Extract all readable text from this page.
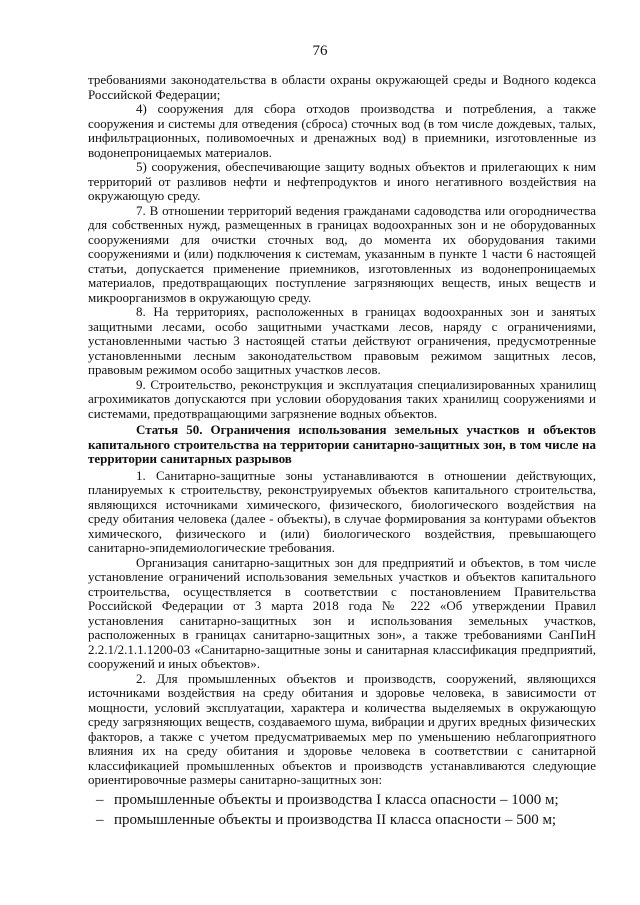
76

требованиями законодательства в области охраны окружающей среды и Водного кодекса Российской Федерации;

4) сооружения для сбора отходов производства и потребления, а также сооружения и системы для отведения (сброса) сточных вод (в том числе дождевых, талых, инфильтрационных, поливомоечных и дренажных вод) в приемники, изготовленные из водонепроницаемых материалов.

5) сооружения, обеспечивающие защиту водных объектов и прилегающих к ним территорий от разливов нефти и нефтепродуктов и иного негативного воздействия на окружающую среду.

7. В отношении территорий ведения гражданами садоводства или огородничества для собственных нужд, размещенных в границах водоохранных зон и не оборудованных сооружениями для очистки сточных вод, до момента их оборудования такими сооружениями и (или) подключения к системам, указанным в пункте 1 части 6 настоящей статьи, допускается применение приемников, изготовленных из водонепроницаемых материалов, предотвращающих поступление загрязняющих веществ, иных веществ и микроорганизмов в окружающую среду.

8. На территориях, расположенных в границах водоохранных зон и занятых защитными лесами, особо защитными участками лесов, наряду с ограничениями, установленными частью 3 настоящей статьи действуют ограничения, предусмотренные установленными лесным законодательством правовым режимом защитных лесов, правовым режимом особо защитных участков лесов.

9. Строительство, реконструкция и эксплуатация специализированных хранилищ агрохимикатов допускаются при условии оборудования таких хранилищ сооружениями и системами, предотвращающими загрязнение водных объектов.

Статья 50. Ограничения использования земельных участков и объектов капитального строительства на территории санитарно-защитных зон, в том числе на территории санитарных разрывов

1. Санитарно-защитные зоны устанавливаются в отношении действующих, планируемых к строительству, реконструируемых объектов капитального строительства, являющихся источниками химического, физического, биологического воздействия на среду обитания человека (далее - объекты), в случае формирования за контурами объектов химического, физического и (или) биологического воздействия, превышающего санитарно-эпидемиологические требования.

Организация санитарно-защитных зон для предприятий и объектов, в том числе установление ограничений использования земельных участков и объектов капитального строительства, осуществляется в соответствии с постановлением Правительства Российской Федерации от 3 марта 2018 года № 222 «Об утверждении Правил установления санитарно-защитных зон и использования земельных участков, расположенных в границах санитарно-защитных зон», а также требованиями СанПиН 2.2.1/2.1.1.1200-03 «Санитарно-защитные зоны и санитарная классификация предприятий, сооружений и иных объектов».

2. Для промышленных объектов и производств, сооружений, являющихся источниками воздействия на среду обитания и здоровье человека, в зависимости от мощности, условий эксплуатации, характера и количества выделяемых в окружающую среду загрязняющих веществ, создаваемого шума, вибрации и других вредных физических факторов, а также с учетом предусматриваемых мер по уменьшению неблагоприятного влияния их на среду обитания и здоровье человека в соответствии с санитарной классификацией промышленных объектов и производств устанавливаются следующие ориентировочные размеры санитарно-защитных зон:

– промышленные объекты и производства I класса опасности – 1000 м;
– промышленные объекты и производства II класса опасности – 500 м;
